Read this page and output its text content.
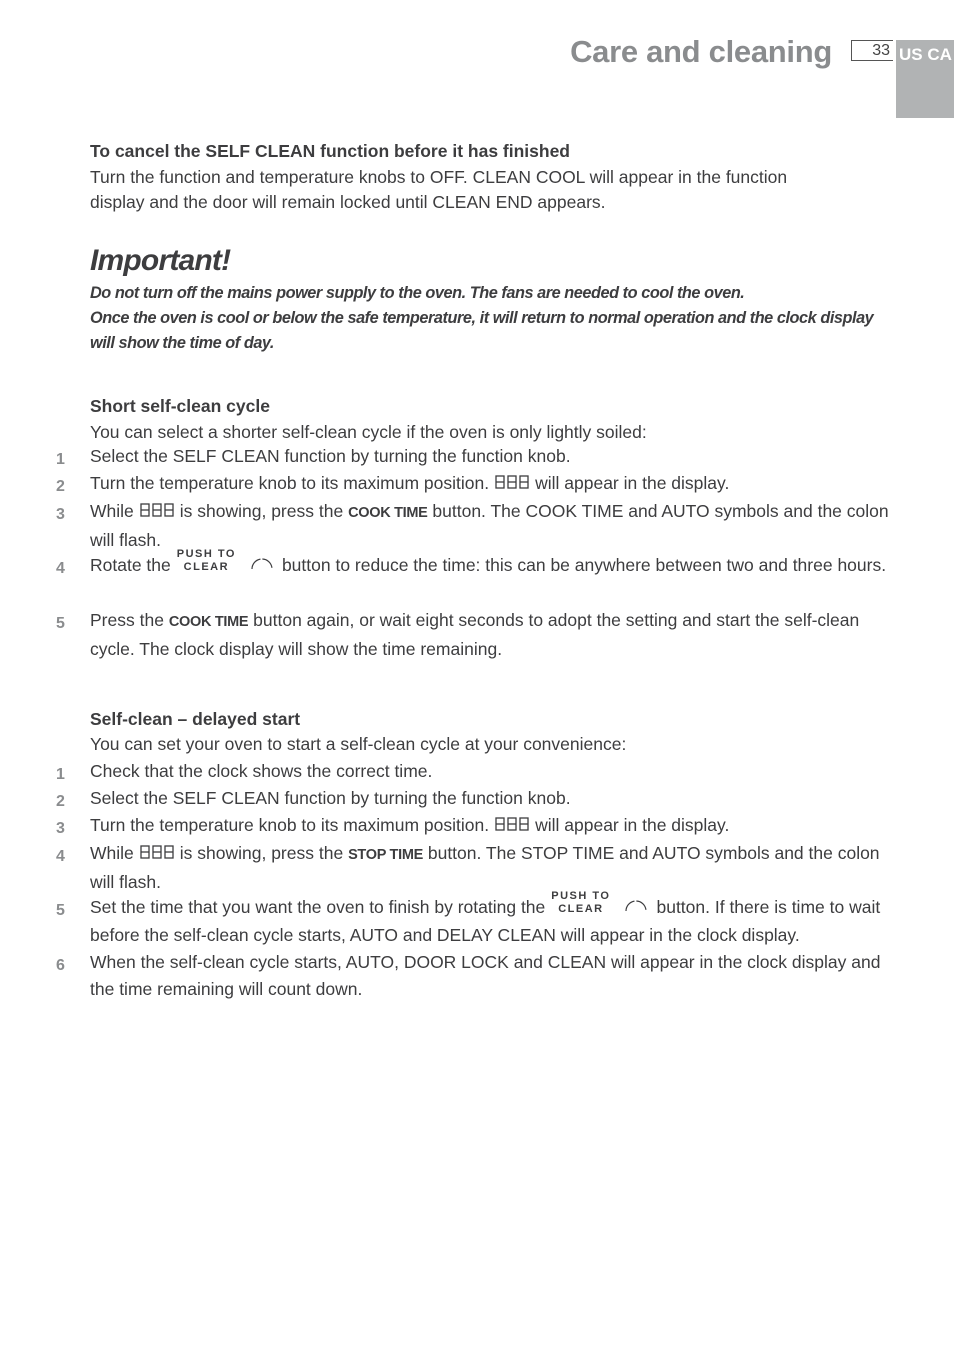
Care and cleaning	33 US CA
To cancel the SELF CLEAN function before it has finished
Turn the function and temperature knobs to OFF. CLEAN COOL will appear in the function
display and the door will remain locked until CLEAN END appears.
Important!
Do not turn off the mains power supply to the oven. The fans are needed to cool the oven.
Once the oven is cool or below the safe temperature, it will return to normal operation and the clock display
will show the time of day.
Short self-clean cycle
You can select a shorter self-clean cycle if the oven is only lightly soiled:
1 Select the SELF CLEAN function by turning the function knob.
2 Turn the temperature knob to its maximum position.	will appear in the display.
3 While	is showing, press the COOK TIME button. The COOK TIME and AUTO symbols and the colon will flash.
4 Rotate the
PUSH TO
CLEAR	button to reduce the time: this can be anywhere between two and three hours.
5 Press the COOK TIME button again, or wait eight seconds to adopt the setting and start the self-clean cycle. The clock display will show the time remaining.
Self-clean – delayed start
You can set your oven to start a self-clean cycle at your convenience:
1 Check that the clock shows the correct time.
2 Select the SELF CLEAN function by turning the function knob.
3 Turn the temperature knob to its maximum position.	will appear in the display.
4 While	is showing, press the STOP TIME button. The STOP TIME and AUTO symbols and the colon will flash.
5 Set the time that you want the oven to finish by rotating the
PUSH TO
CLEAR	button. If there is time to wait before the self-clean cycle starts, AUTO and DELAY CLEAN will appear in the clock display.
6 When the self-clean cycle starts, AUTO, DOOR LOCK and CLEAN will appear in the clock display and the time remaining will count down.
